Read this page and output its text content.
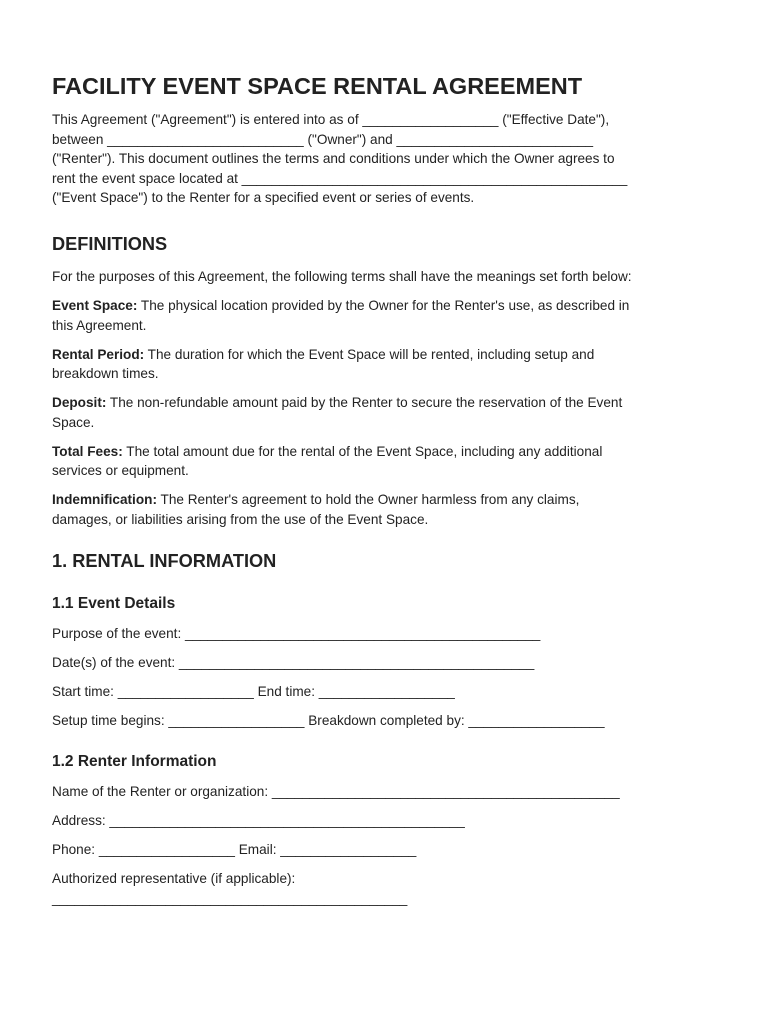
FACILITY EVENT SPACE RENTAL AGREEMENT
This Agreement ("Agreement") is entered into as of __________________ ("Effective Date"),
between __________________________ ("Owner") and __________________________
("Renter"). This document outlines the terms and conditions under which the Owner agrees to
rent the event space located at ___________________________________________________
("Event Space") to the Renter for a specified event or series of events.
DEFINITIONS

For the purposes of this Agreement, the following terms shall have the meanings set forth below:

Event Space: The physical location provided by the Owner for the Renter's use, as described in
this Agreement.
Rental Period: The duration for which the Event Space will be rented, including setup and
breakdown times.
Deposit: The non-refundable amount paid by the Renter to secure the reservation of the Event
Space.
Total Fees: The total amount due for the rental of the Event Space, including any additional
services or equipment.
Indemnification: The Renter's agreement to hold the Owner harmless from any claims,
damages, or liabilities arising from the use of the Event Space.
1. RENTAL INFORMATION
1.1 Event Details

Purpose of the event: _______________________________________________

Date(s) of the event: _______________________________________________

Start time: __________________ End time: __________________

Setup time begins: __________________ Breakdown completed by: __________________

1.2 Renter Information

Name of the Renter or organization: ______________________________________________

Address: _______________________________________________

Phone: __________________ Email: __________________

Authorized representative (if applicable):

_______________________________________________
